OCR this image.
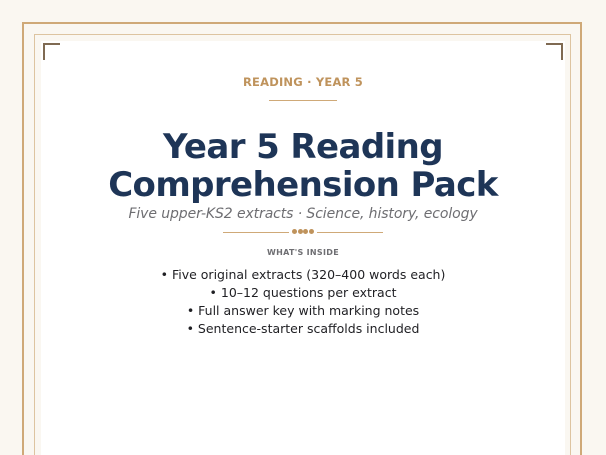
READING · YEAR 5
Year 5 Reading
Comprehension Pack
Five upper-KS2 extracts · Science, history, ecology
WHAT'S INSIDE
• Five original extracts (320–400 words each)
• 10–12 questions per extract
• Full answer key with marking notes
• Sentence-starter scaffolds included
